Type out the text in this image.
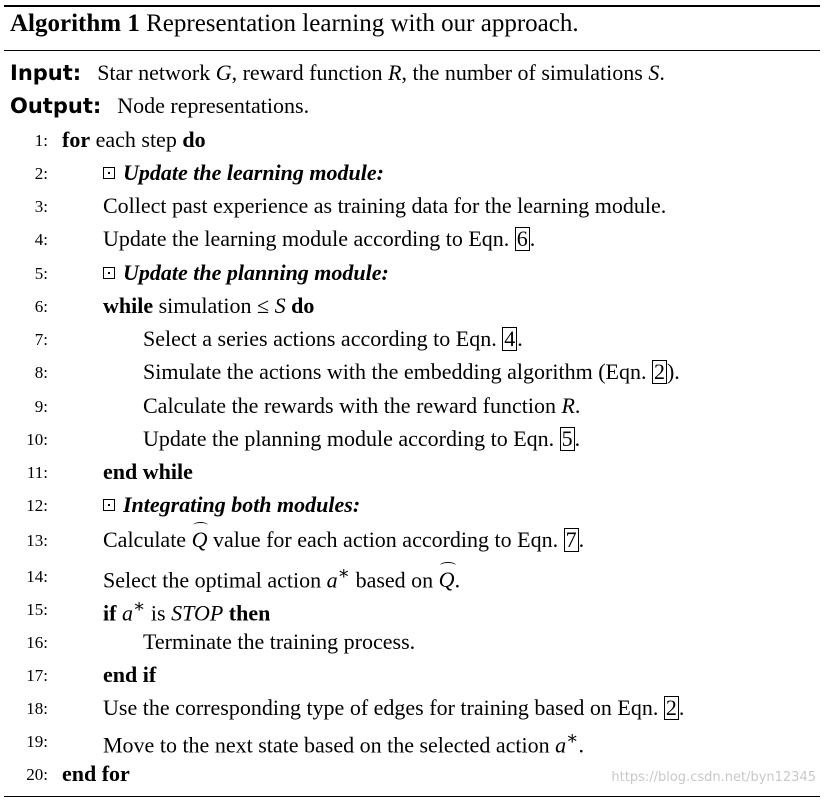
Algorithm 1 Representation learning with our approach.
Input: Star network G, reward function R, the number of simulations S.
Output: Node representations.
1: for each step do
2:	Update the learning module:
3:	Collect past experience as training data for the learning module.
4:	Update the learning module according to Eqn. 6.
5:	Update the planning module:
6:	while simulation ≤ S do
7:	Select a series actions according to Eqn. 4.
8:	Simulate the actions with the embedding algorithm (Eqn. 2).
9:	Calculate the rewards with the reward function R.
10:	Update the planning module according to Eqn. 5.
11:	end while
12:	Integrating both modules:
13:	Calculate Q value for each action according to Eqn. 7.
14:	Select the optimal action a∗ based on Q.
15:	if a∗ is STOP then
16:	Terminate the training process.
17:	end if
18:	Use the corresponding type of edges for training based on Eqn. 2.
19:	Move to the next state based on the selected action a∗.
20: end for	https://blog.csdn.net/byn12345
